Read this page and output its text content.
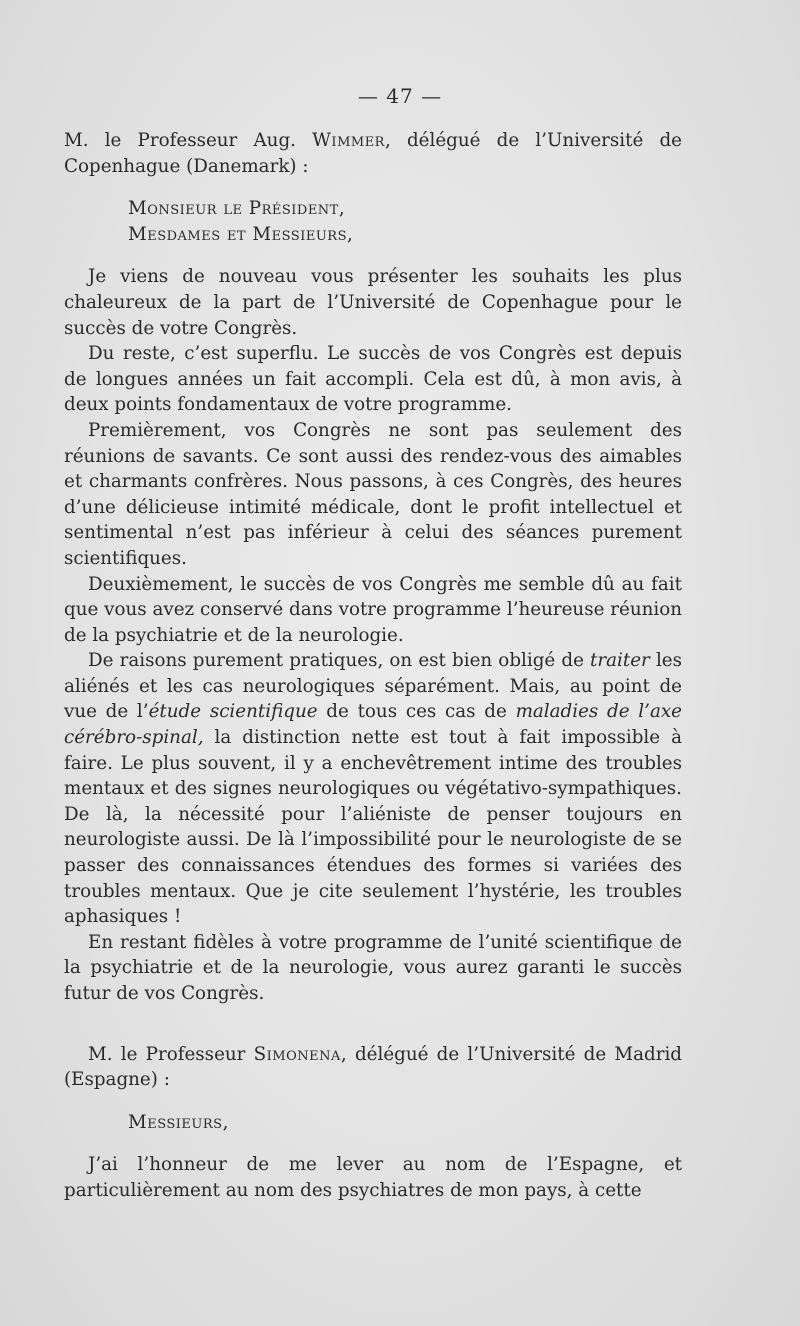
— 47 —

M. le Professeur Aug. Wimmer, délégué de l’Université de Copenhague (Danemark) :

Monsieur le Président,

Mesdames et Messieurs,

Je viens de nouveau vous présenter les souhaits les plus chaleureux de la part de l’Université de Copenhague pour le succès de votre Congrès.

Du reste, c’est superflu. Le succès de vos Congrès est depuis de longues années un fait accompli. Cela est dû, à mon avis, à deux points fondamentaux de votre programme.

Premièrement, vos Congrès ne sont pas seulement des réunions de savants. Ce sont aussi des rendez-vous des aimables et charmants confrères. Nous passons, à ces Congrès, des heures d’une délicieuse intimité médicale, dont le profit intellectuel et sentimental n’est pas inférieur à celui des séances purement scientifiques.

Deuxièmement, le succès de vos Congrès me semble dû au fait que vous avez conservé dans votre programme l’heureuse réunion de la psychiatrie et de la neurologie.

De raisons purement pratiques, on est bien obligé de traiter les aliénés et les cas neurologiques séparément. Mais, au point de vue de l’étude scientifique de tous ces cas de maladies de l’axe cérébro-spinal, la distinction nette est tout à fait impossible à faire. Le plus souvent, il y a enchevêtrement intime des troubles mentaux et des signes neurologiques ou végétativo-sympathiques. De là, la nécessité pour l’aliéniste de penser toujours en neurologiste aussi. De là l’impossibilité pour le neurologiste de se passer des connaissances étendues des formes si variées des troubles mentaux. Que je cite seulement l’hystérie, les troubles aphasiques !

En restant fidèles à votre programme de l’unité scientifique de la psychiatrie et de la neurologie, vous aurez garanti le succès futur de vos Congrès.

M. le Professeur Simonena, délégué de l’Université de Madrid (Espagne) :

Messieurs,

J’ai l’honneur de me lever au nom de l’Espagne, et particulièrement au nom des psychiatres de mon pays, à cette
